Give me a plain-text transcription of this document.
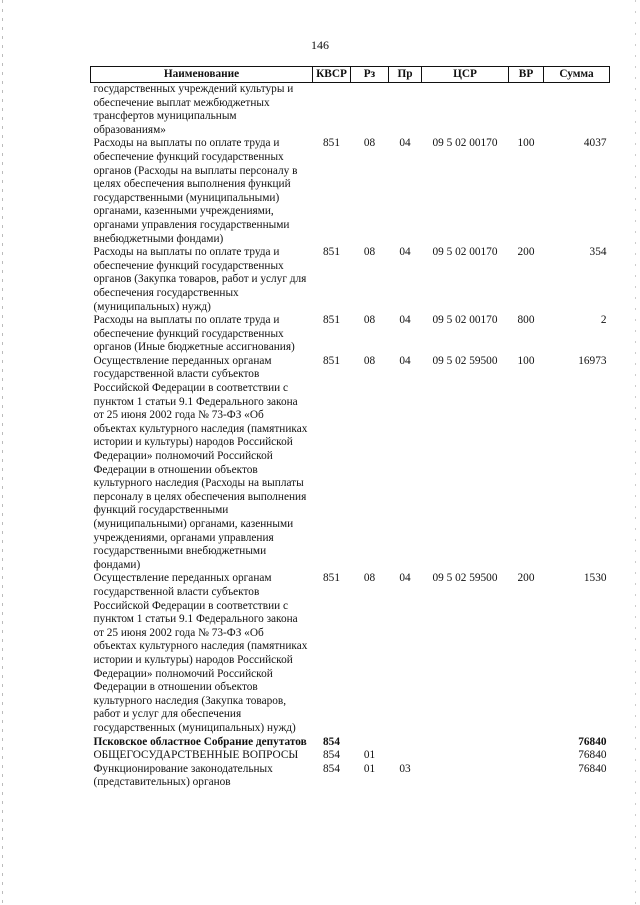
146
Наименование	КВСР	Рз	Пр	ЦСР	ВР	Сумма
государственных учреждений культуры и обеспечение выплат межбюджетных трансфертов муниципальным образованиям»						
Расходы на выплаты по оплате труда и обеспечение функций государственных органов (Расходы на выплаты персоналу в целях обеспечения выполнения функций государственными (муниципальными) органами, казенными учреждениями, органами управления государственными внебюджетными фондами)	851	08	04	09 5 02 00170	100	4037
Расходы на выплаты по оплате труда и обеспечение функций государственных органов (Закупка товаров, работ и услуг для обеспечения государственных (муниципальных) нужд)	851	08	04	09 5 02 00170	200	354
Расходы на выплаты по оплате труда и обеспечение функций государственных органов (Иные бюджетные ассигнования)	851	08	04	09 5 02 00170	800	2
Осуществление переданных органам государственной власти субъектов Российской Федерации в соответствии с пунктом 1 статьи 9.1 Федерального закона от 25 июня 2002 года № 73-ФЗ «Об объектах культурного наследия (памятниках истории и культуры) народов Российской Федерации» полномочий Российской Федерации в отношении объектов культурного наследия (Расходы на выплаты персоналу в целях обеспечения выполнения функций государственными (муниципальными) органами, казенными учреждениями, органами управления государственными внебюджетными фондами)	851	08	04	09 5 02 59500	100	16973
Осуществление переданных органам государственной власти субъектов Российской Федерации в соответствии с пунктом 1 статьи 9.1 Федерального закона от 25 июня 2002 года № 73-ФЗ «Об объектах культурного наследия (памятниках истории и культуры) народов Российской Федерации» полномочий Российской Федерации в отношении объектов культурного наследия (Закупка товаров, работ и услуг для обеспечения государственных (муниципальных) нужд)	851	08	04	09 5 02 59500	200	1530
Псковское областное Собрание депутатов	854					76840
ОБЩЕГОСУДАРСТВЕННЫЕ ВОПРОСЫ	854	01				76840
Функционирование законодательных (представительных) органов	854	01	03			76840
